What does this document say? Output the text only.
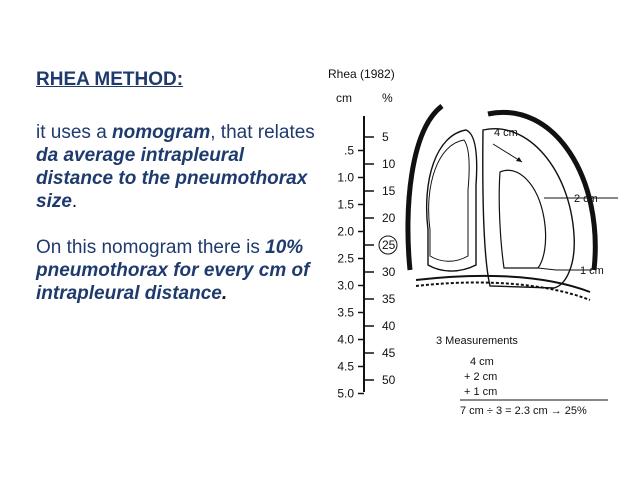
RHEA METHOD:

it uses a nomogram, that relates da average intrapleural distance to the pneumothorax size.

On this nomogram there is 10% pneumothorax for every cm of intrapleural distance.

Rhea (1982)
cm	%
5
10
15
20
25
30
35
40
45
50
.5
1.0
1.5
2.0
2.5
3.0
3.5
4.0
4.5
5.0
4 cm
2 cm
1 cm
3 Measurements
4 cm
+ 2 cm
+ 1 cm
7 cm ÷ 3 = 2.3 cm → 25%
